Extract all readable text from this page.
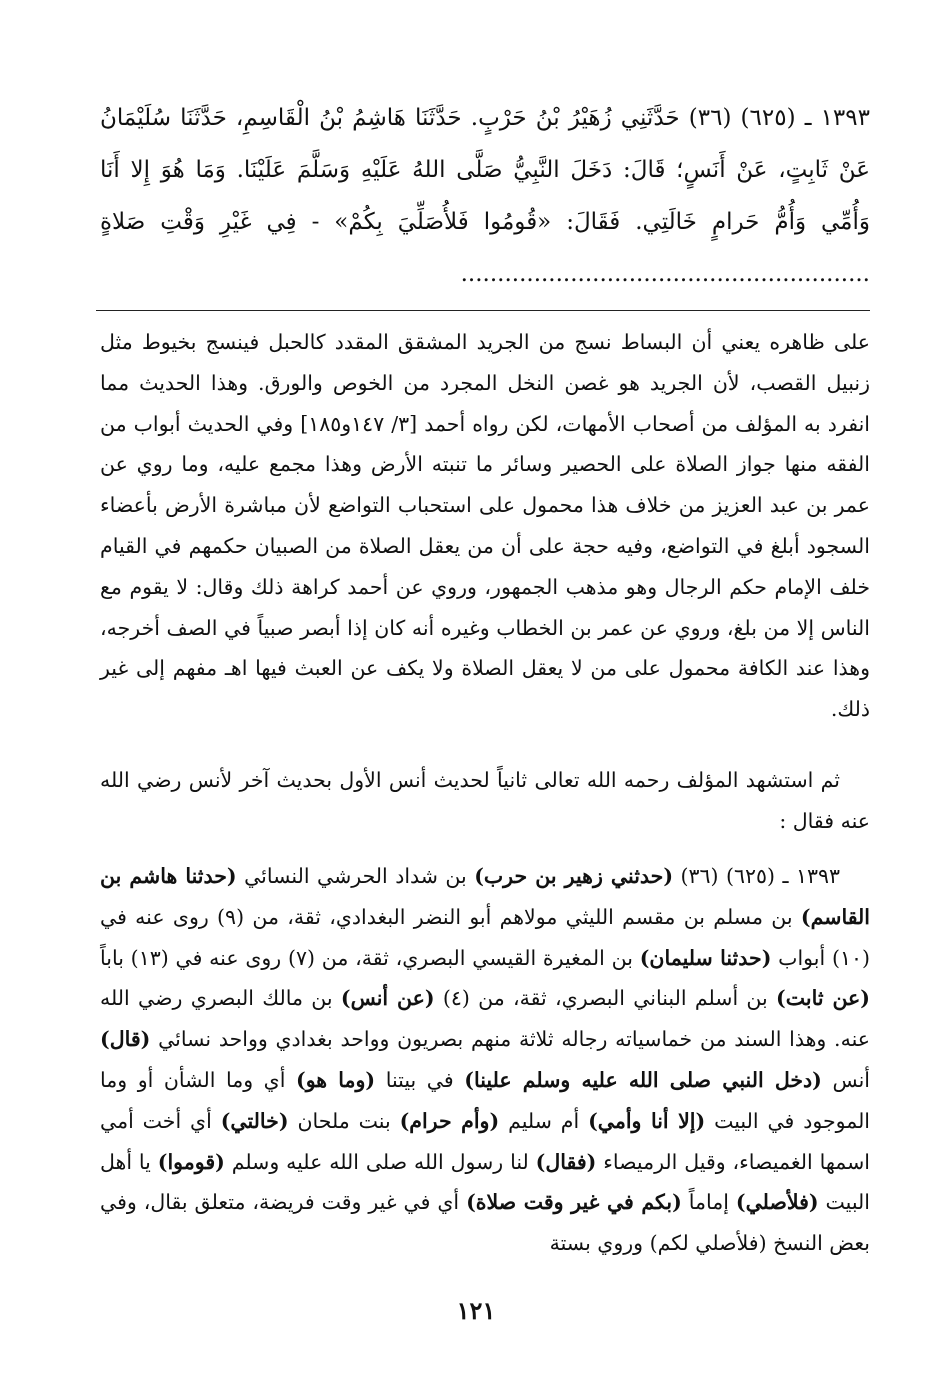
١٣٩٣ ـ (٦٢٥) (٣٦) حَدَّثَنِي زُهَيْرُ بْنُ حَرْبٍ. حَدَّثَنَا هَاشِمُ بْنُ الْقَاسِمِ، حَدَّثَنَا سُلَيْمَانُ عَنْ ثَابِتٍ، عَنْ أَنَسٍ؛ قَالَ: دَخَلَ النَّبِيُّ صَلَّى اللهُ عَلَيْهِ وَسَلَّمَ عَلَيْنَا. وَمَا هُوَ إِلا أَنَا وَأُمِّي وَأُمُّ حَرامٍ خَالَتِي. فَقَالَ: «قُومُوا فَلأُصَلِّيَ بِكُمْ» - فِي غَيْرِ وَقْتِ صَلاةٍ ........................................................

على ظاهره يعني أن البساط نسج من الجريد المشقق المقدد كالحبل فينسج بخيوط مثل زنبيل القصب، لأن الجريد هو غصن النخل المجرد من الخوص والورق. وهذا الحديث مما انفرد به المؤلف من أصحاب الأمهات، لكن رواه أحمد [٣/ ١٤٧و١٨٥] وفي الحديث أبواب من الفقه منها جواز الصلاة على الحصير وسائر ما تنبته الأرض وهذا مجمع عليه، وما روي عن عمر بن عبد العزيز من خلاف هذا محمول على استحباب التواضع لأن مباشرة الأرض بأعضاء السجود أبلغ في التواضع، وفيه حجة على أن من يعقل الصلاة من الصبيان حكمهم في القيام خلف الإمام حكم الرجال وهو مذهب الجمهور، وروي عن أحمد كراهة ذلك وقال: لا يقوم مع الناس إلا من بلغ، وروي عن عمر بن الخطاب وغيره أنه كان إذا أبصر صبياً في الصف أخرجه، وهذا عند الكافة محمول على من لا يعقل الصلاة ولا يكف عن العبث فيها اهـ مفهم إلى غير ذلك.

ثم استشهد المؤلف رحمه الله تعالى ثانياً لحديث أنس الأول بحديث آخر لأنس رضي الله عنه فقال :

١٣٩٣ ـ (٦٢٥) (٣٦) (حدثني زهير بن حرب) بن شداد الحرشي النسائي (حدثنا هاشم بن القاسم) بن مسلم بن مقسم الليثي مولاهم أبو النضر البغدادي، ثقة، من (٩) روى عنه في (١٠) أبواب (حدثنا سليمان) بن المغيرة القيسي البصري، ثقة، من (٧) روى عنه في (١٣) باباً (عن ثابت) بن أسلم البناني البصري، ثقة، من (٤) (عن أنس) بن مالك البصري رضي الله عنه. وهذا السند من خماسياته رجاله ثلاثة منهم بصريون وواحد بغدادي وواحد نسائي (قال) أنس (دخل النبي صلى الله عليه وسلم علينا) في بيتنا (وما هو) أي وما الشأن أو وما الموجود في البيت (إلا أنا وأمي) أم سليم (وأم حرام) بنت ملحان (خالتي) أي أخت أمي اسمها الغميصاء، وقيل الرميصاء (فقال) لنا رسول الله صلى الله عليه وسلم (قوموا) يا أهل البيت (فلأصلي) إماماً (بكم في غير وقت صلاة) أي في غير وقت فريضة، متعلق بقال، وفي بعض النسخ (فلأصلي لكم) وروي بستة

١٢١
